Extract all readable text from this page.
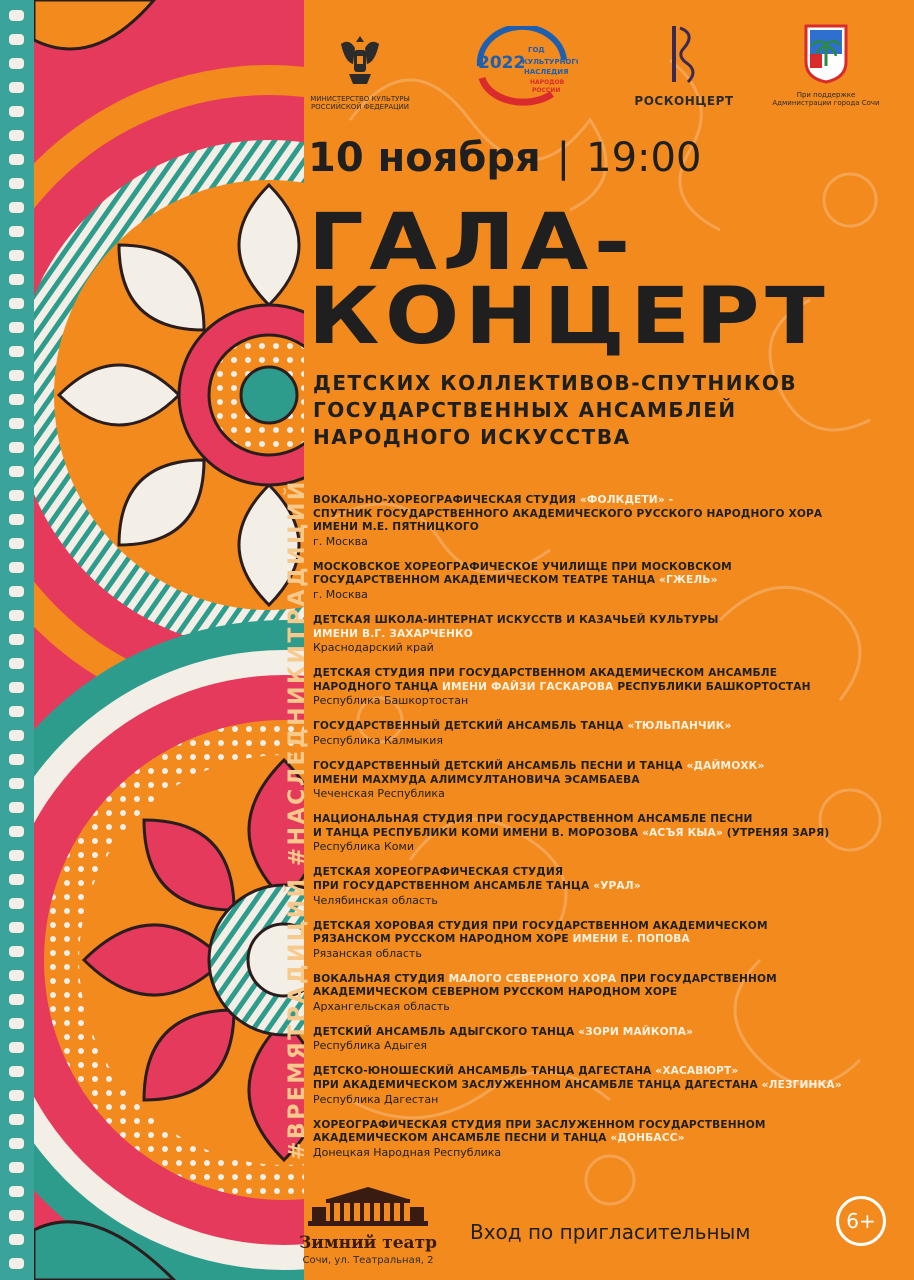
#ВРЕМЯТРАДИЦИЙ #НАСЛЕДНИКИТРАДИЦИЙ
МИНИСТЕРСТВО КУЛЬТУРЫ РОССИЙСКОЙ ФЕДЕРАЦИИ
2022
ГОД
КУЛЬТУРНОГО
НАСЛЕДИЯ
НАРОДОВ
РОССИИ
РОСКОНЦЕРТ	При поддержке Администрации города Сочи
10 ноября | 19:00
ГАЛА-
КОНЦЕРТ
ДЕТСКИХ КОЛЛЕКТИВОВ-СПУТНИКОВ
ГОСУДАРСТВЕННЫХ АНСАМБЛЕЙ
НАРОДНОГО ИСКУССТВА
ВОКАЛЬНО-ХОРЕОГРАФИЧЕСКАЯ СТУДИЯ «ФОЛКДЕТИ» -
СПУТНИК ГОСУДАРСТВЕННОГО АКАДЕМИЧЕСКОГО РУССКОГО НАРОДНОГО ХОРА
ИМЕНИ М.Е. ПЯТНИЦКОГО
г. Москва
МОСКОВСКОЕ ХОРЕОГРАФИЧЕСКОЕ УЧИЛИЩЕ ПРИ МОСКОВСКОМ
ГОСУДАРСТВЕННОМ АКАДЕМИЧЕСКОМ ТЕАТРЕ ТАНЦА «ГЖЕЛЬ»
г. Москва
ДЕТСКАЯ ШКОЛА-ИНТЕРНАТ ИСКУССТВ И КАЗАЧЬЕЙ КУЛЬТУРЫ
ИМЕНИ В.Г. ЗАХАРЧЕНКО
Краснодарский край
ДЕТСКАЯ СТУДИЯ ПРИ ГОСУДАРСТВЕННОМ АКАДЕМИЧЕСКОМ АНСАМБЛЕ
НАРОДНОГО ТАНЦА ИМЕНИ ФАЙЗИ ГАСКАРОВА РЕСПУБЛИКИ БАШКОРТОСТАН
Республика Башкортостан
ГОСУДАРСТВЕННЫЙ ДЕТСКИЙ АНСАМБЛЬ ТАНЦА «ТЮЛЬПАНЧИК»
Республика Калмыкия
ГОСУДАРСТВЕННЫЙ ДЕТСКИЙ АНСАМБЛЬ ПЕСНИ И ТАНЦА «ДАЙМОХК»
ИМЕНИ МАХМУДА АЛИМСУЛТАНОВИЧА ЭСАМБАЕВА
Чеченская Республика
НАЦИОНАЛЬНАЯ СТУДИЯ ПРИ ГОСУДАРСТВЕННОМ АНСАМБЛЕ ПЕСНИ
И ТАНЦА РЕСПУБЛИКИ КОМИ ИМЕНИ В. МОРОЗОВА «АСЪЯ КЫА» (УТРЕНЯЯ ЗАРЯ)
Республика Коми
ДЕТСКАЯ ХОРЕОГРАФИЧЕСКАЯ СТУДИЯ
ПРИ ГОСУДАРСТВЕННОМ АНСАМБЛЕ ТАНЦА «УРАЛ»
Челябинская область
ДЕТСКАЯ ХОРОВАЯ СТУДИЯ ПРИ ГОСУДАРСТВЕННОМ АКАДЕМИЧЕСКОМ
РЯЗАНСКОМ РУССКОМ НАРОДНОМ ХОРЕ ИМЕНИ Е. ПОПОВА
Рязанская область
ВОКАЛЬНАЯ СТУДИЯ МАЛОГО СЕВЕРНОГО ХОРА ПРИ ГОСУДАРСТВЕННОМ
АКАДЕМИЧЕСКОМ СЕВЕРНОМ РУССКОМ НАРОДНОМ ХОРЕ
Архангельская область
ДЕТСКИЙ АНСАМБЛЬ АДЫГСКОГО ТАНЦА «ЗОРИ МАЙКОПА»
Республика Адыгея
ДЕТСКО-ЮНОШЕСКИЙ АНСАМБЛЬ ТАНЦА ДАГЕСТАНА «ХАСАВЮРТ»
ПРИ АКАДЕМИЧЕСКОМ ЗАСЛУЖЕННОМ АНСАМБЛЕ ТАНЦА ДАГЕСТАНА «ЛЕЗГИНКА»
Республика Дагестан
ХОРЕОГРАФИЧЕСКАЯ СТУДИЯ ПРИ ЗАСЛУЖЕННОМ ГОСУДАРСТВЕННОМ
АКАДЕМИЧЕСКОМ АНСАМБЛЕ ПЕСНИ И ТАНЦА «ДОНБАСС»
Донецкая Народная Республика
Зимний театр
Сочи, ул. Театральная, 2
Вход по пригласительным	6+
